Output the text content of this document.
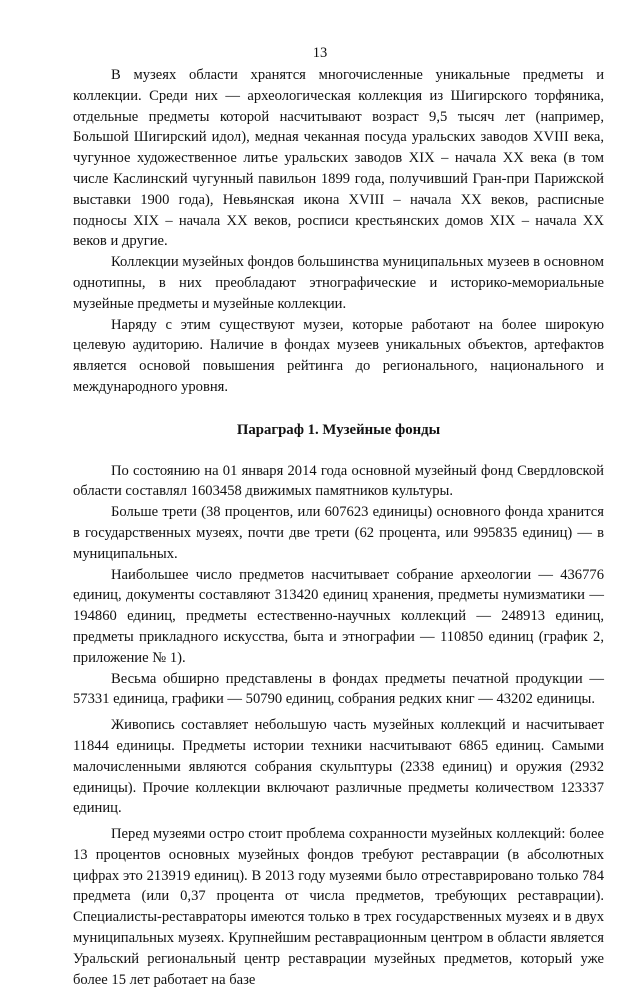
13

В музеях области хранятся многочисленные уникальные предметы и коллекции. Среди них — археологическая коллекция из Шигирского торфяника, отдельные предметы которой насчитывают возраст 9,5 тысяч лет (например, Большой Шигирский идол), медная чеканная посуда уральских заводов XVIII века, чугунное художественное литье уральских заводов XIX – начала XX века (в том числе Каслинский чугунный павильон 1899 года, получивший Гран-при Парижской выставки 1900 года), Невьянская икона XVIII – начала XX веков, расписные подносы XIX – начала XX веков, росписи крестьянских домов XIX – начала XX веков и другие.

Коллекции музейных фондов большинства муниципальных музеев в основном однотипны, в них преобладают этнографические и историко-мемориальные музейные предметы и музейные коллекции.

Наряду с этим существуют музеи, которые работают на более широкую целевую аудиторию. Наличие в фондах музеев уникальных объектов, артефактов является основой повышения рейтинга до регионального, национального и международного уровня.

Параграф 1. Музейные фонды

По состоянию на 01 января 2014 года основной музейный фонд Свердловской области составлял 1603458 движимых памятников культуры.

Больше трети (38 процентов, или 607623 единицы) основного фонда хранится в государственных музеях, почти две трети (62 процента, или 995835 единиц) — в муниципальных.

Наибольшее число предметов насчитывает собрание археологии — 436776 единиц, документы составляют 313420 единиц хранения, предметы нумизматики — 194860 единиц, предметы естественно-научных коллекций — 248913 единиц, предметы прикладного искусства, быта и этнографии — 110850 единиц (график 2, приложение № 1).

Весьма обширно представлены в фондах предметы печатной продукции — 57331 единица, графики — 50790 единиц, собрания редких книг — 43202 единицы.

Живопись составляет небольшую часть музейных коллекций и насчитывает 11844 единицы. Предметы истории техники насчитывают 6865 единиц. Самыми малочисленными являются собрания скульптуры (2338 единиц) и оружия (2932 единицы). Прочие коллекции включают различные предметы количеством 123337 единиц.

Перед музеями остро стоит проблема сохранности музейных коллекций: более 13 процентов основных музейных фондов требуют реставрации (в абсолютных цифрах это 213919 единиц). В 2013 году музеями было отреставрировано только 784 предмета (или 0,37 процента от числа предметов, требующих реставрации). Специалисты-реставраторы имеются только в трех государственных музеях и в двух муниципальных музеях. Крупнейшим реставрационным центром в области является Уральский региональный центр реставрации музейных предметов, который уже более 15 лет работает на базе
